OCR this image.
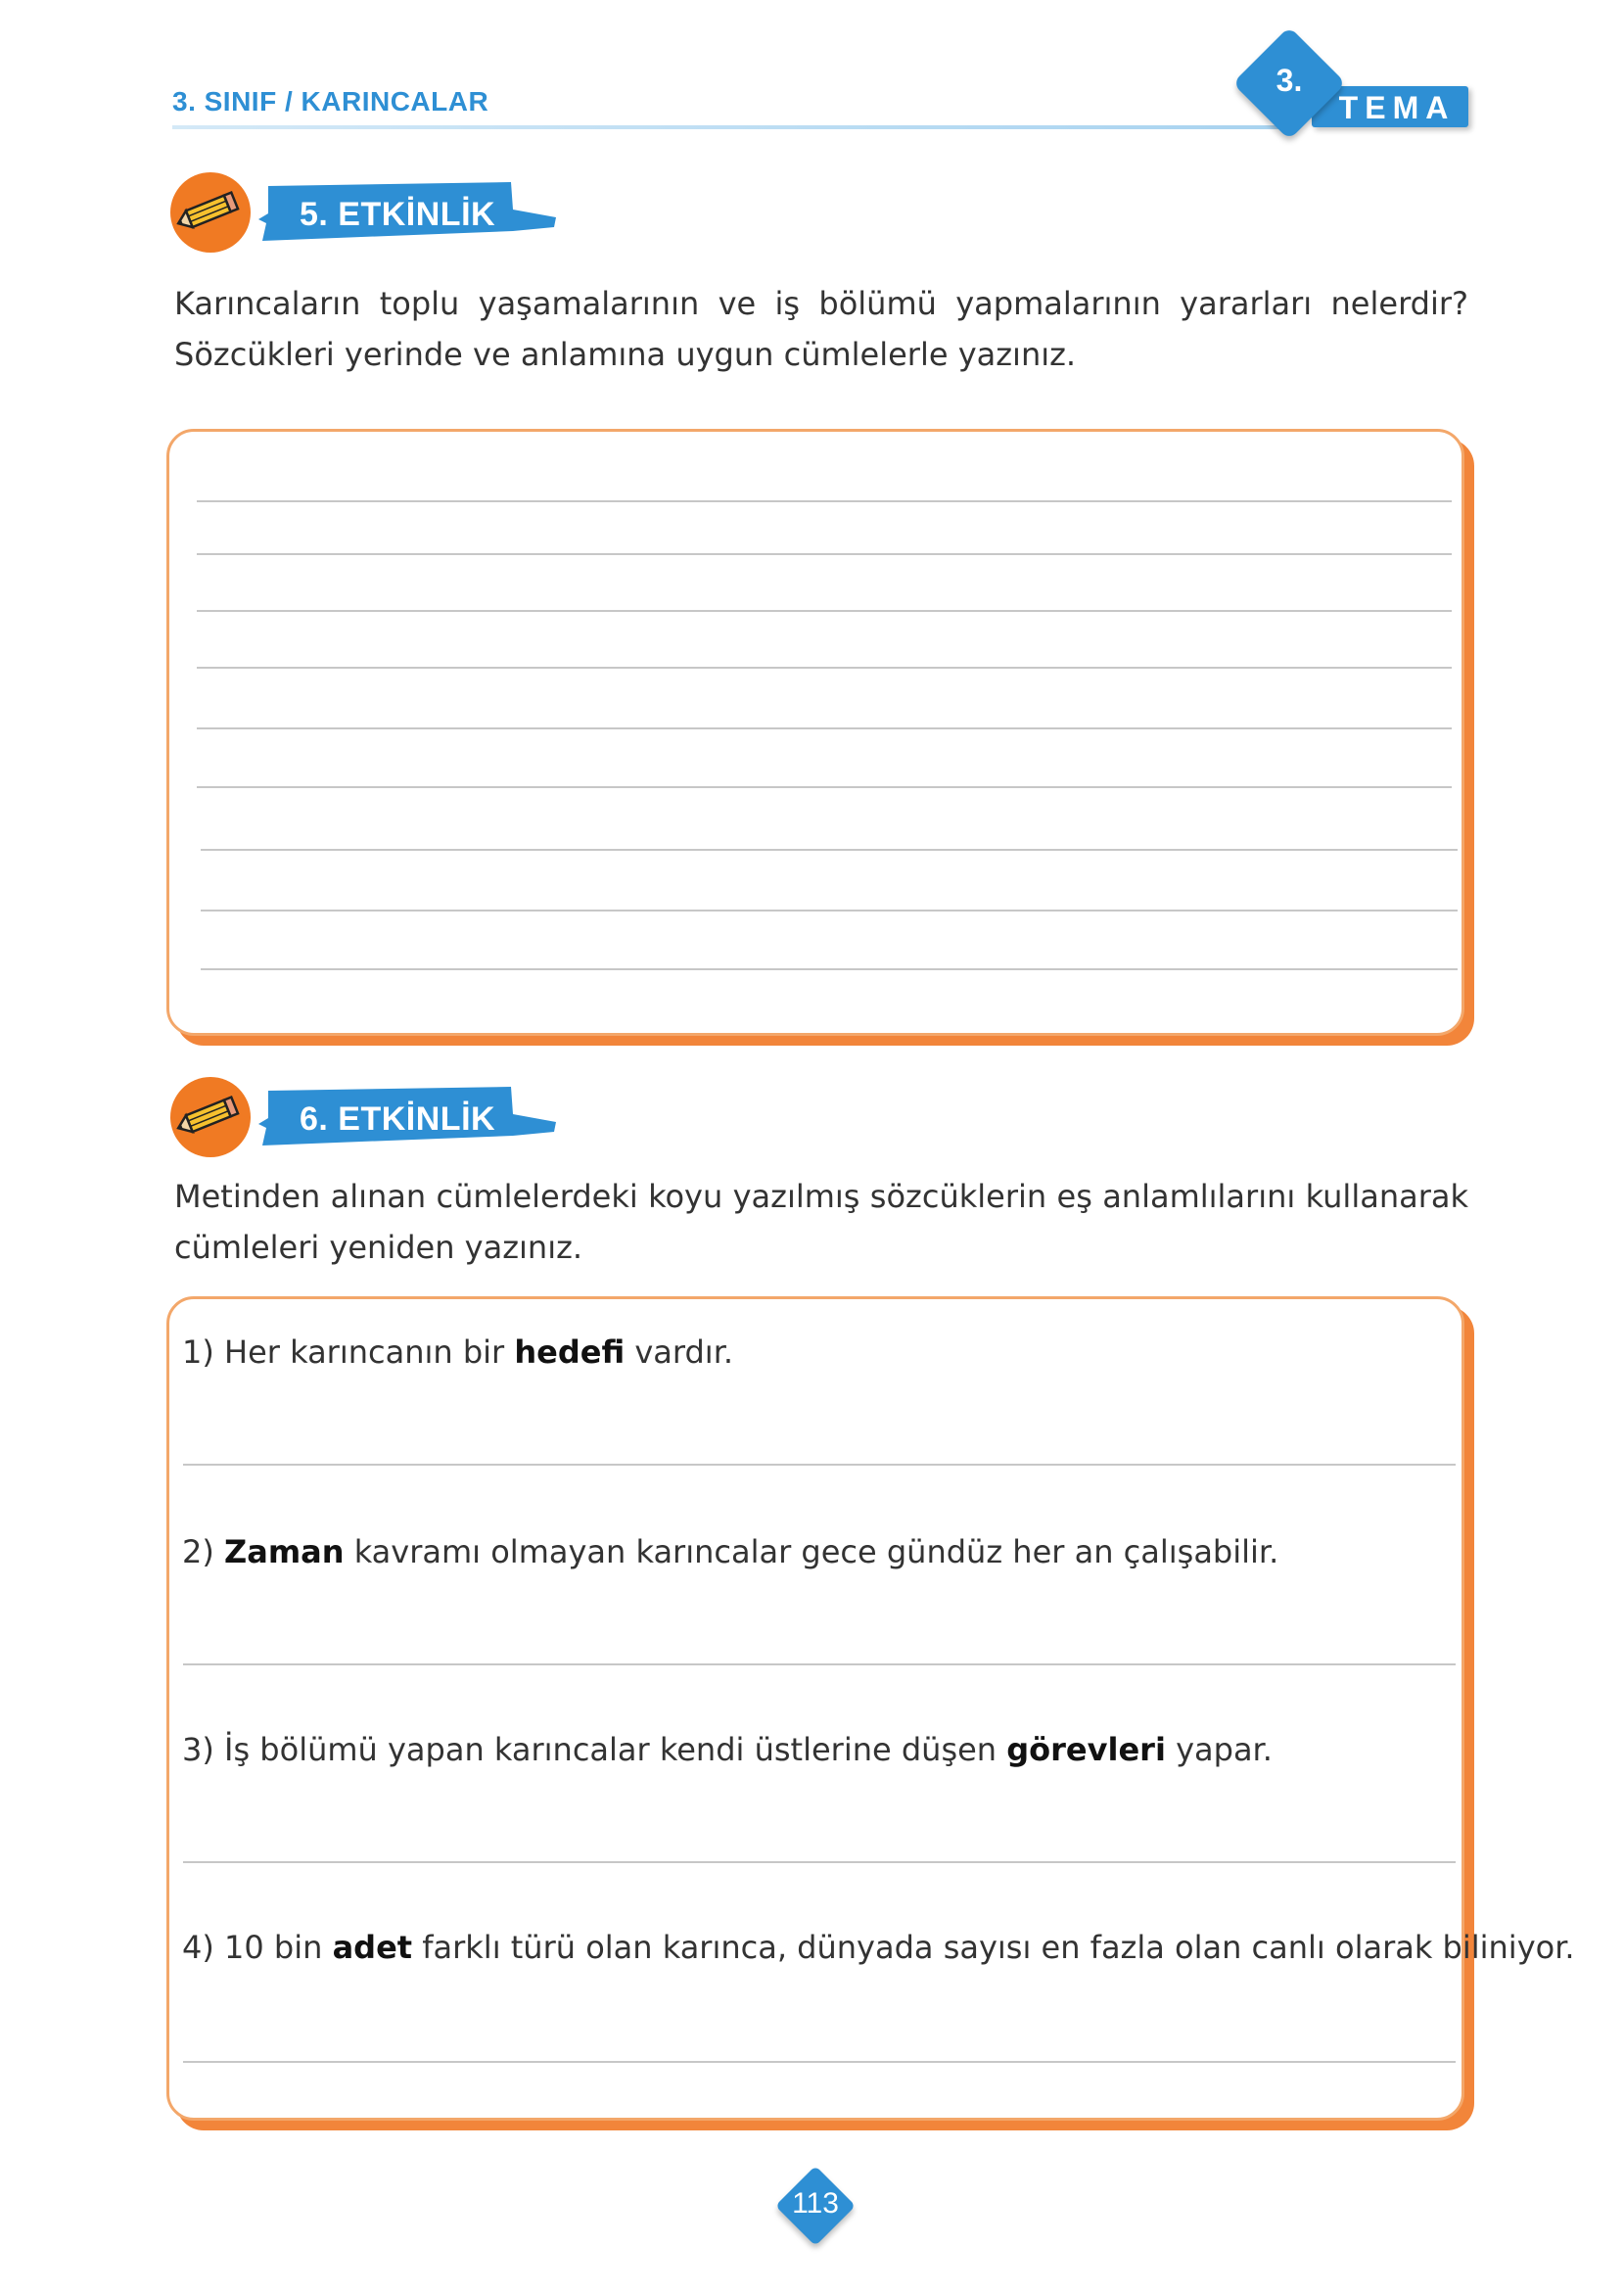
3. SINIF / KARINCALAR
3.
TEMA
5. ETKİNLİK
Karıncaların toplu yaşamalarının ve iş bölümü yapmalarının yararları nelerdir? Sözcükleri yerinde ve anlamına uygun cümlelerle yazınız.
6. ETKİNLİK
Metinden alınan cümlelerdeki koyu yazılmış sözcüklerin eş anlamlılarını kullanarak cümleleri yeniden yazınız.
1) Her karıncanın bir hedefi vardır.
2) Zaman kavramı olmayan karıncalar gece gündüz her an çalışabilir.
3) İş bölümü yapan karıncalar kendi üstlerine düşen görevleri yapar.
4) 10 bin adet farklı türü olan karınca, dünyada sayısı en fazla olan canlı olarak biliniyor.
113
